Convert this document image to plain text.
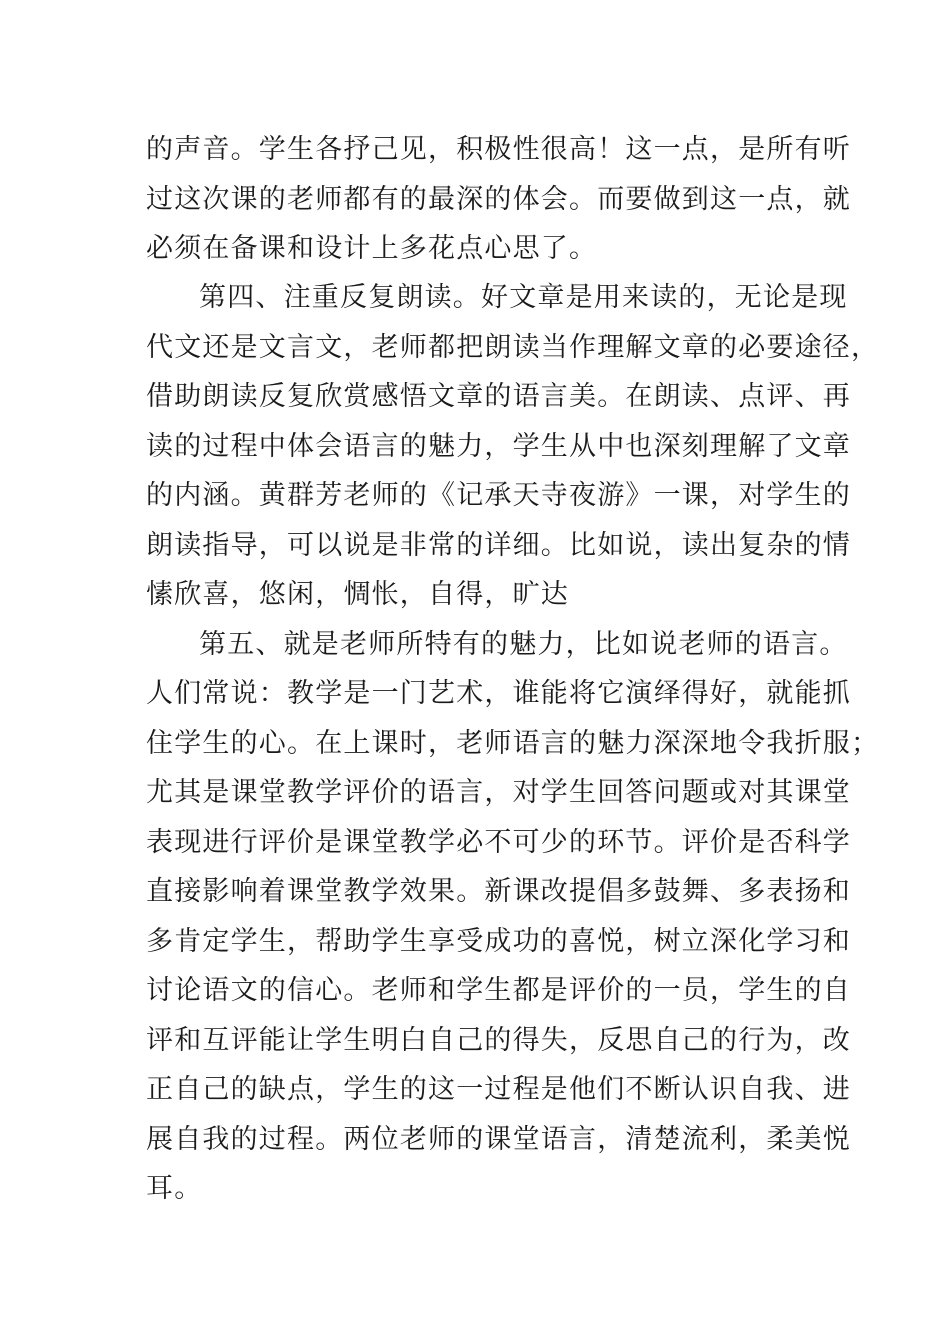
的声音。学生各抒己见，积极性很高！这一点，是所有听
过这次课的老师都有的最深的体会。而要做到这一点，就
必须在备课和设计上多花点心思了。
第四、注重反复朗读。好文章是用来读的，无论是现
代文还是文言文，老师都把朗读当作理解文章的必要途径，
借助朗读反复欣赏感悟文章的语言美。在朗读、点评、再
读的过程中体会语言的魅力，学生从中也深刻理解了文章
的内涵。黄群芳老师的《记承天寺夜游》一课，对学生的
朗读指导，可以说是非常的详细。比如说，读出复杂的情
愫欣喜，悠闲，惆怅，自得，旷达
第五、就是老师所特有的魅力，比如说老师的语言。
人们常说：教学是一门艺术，谁能将它演绎得好，就能抓
住学生的心。在上课时，老师语言的魅力深深地令我折服；
尤其是课堂教学评价的语言，对学生回答问题或对其课堂
表现进行评价是课堂教学必不可少的环节。评价是否科学
直接影响着课堂教学效果。新课改提倡多鼓舞、多表扬和
多肯定学生，帮助学生享受成功的喜悦，树立深化学习和
讨论语文的信心。老师和学生都是评价的一员，学生的自
评和互评能让学生明白自己的得失，反思自己的行为，改
正自己的缺点，学生的这一过程是他们不断认识自我、进
展自我的过程。两位老师的课堂语言，清楚流利，柔美悦
耳。
